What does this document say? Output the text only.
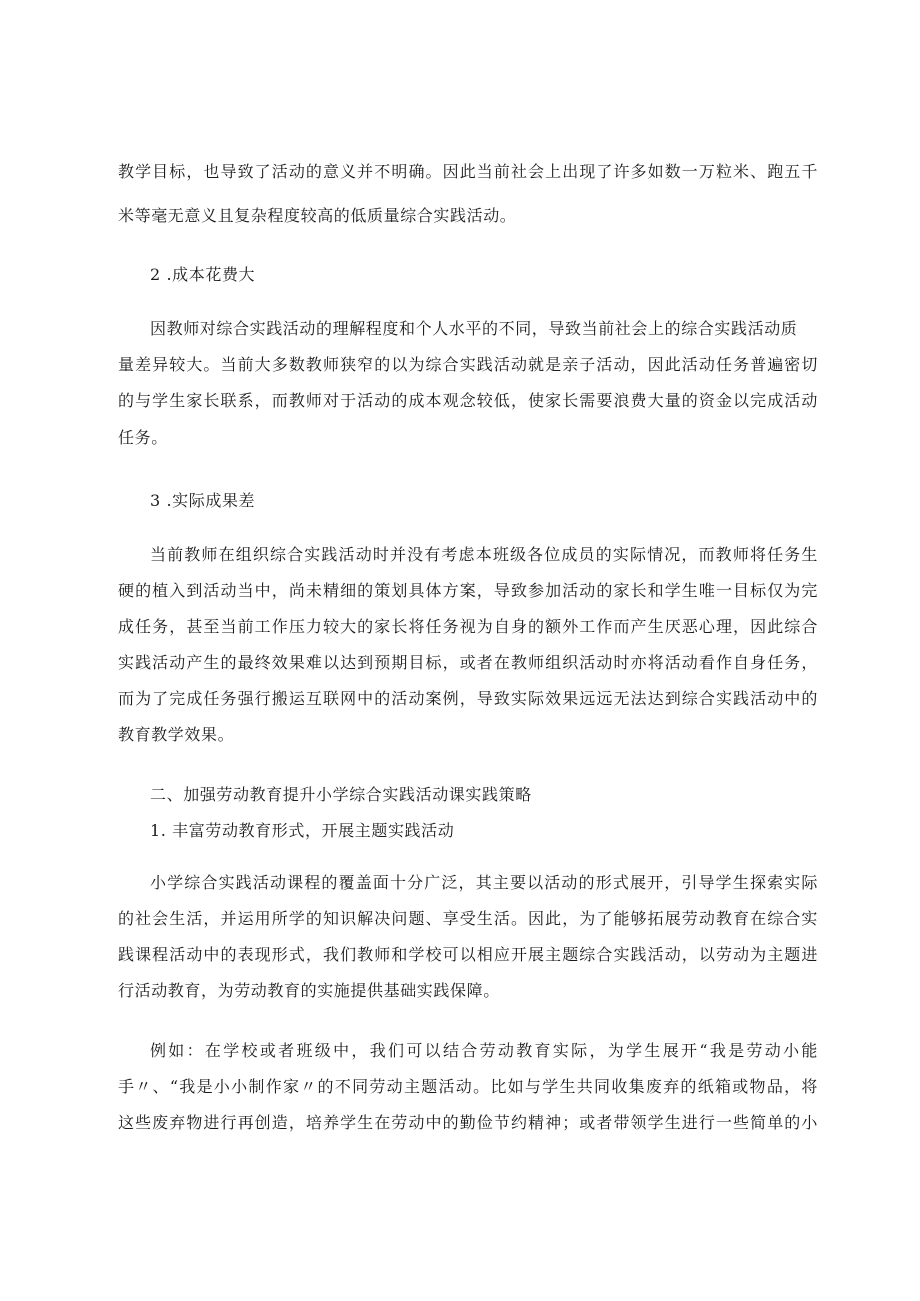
教学目标，也导致了活动的意义并不明确。因此当前社会上出现了许多如数一万粒米、跑五千
米等毫无意义且复杂程度较高的低质量综合实践活动。
2 .成本花费大
因教师对综合实践活动的理解程度和个人水平的不同，导致当前社会上的综合实践活动质
量差异较大。当前大多数教师狭窄的以为综合实践活动就是亲子活动，因此活动任务普遍密切
的与学生家长联系，而教师对于活动的成本观念较低，使家长需要浪费大量的资金以完成活动
任务。
3 .实际成果差
当前教师在组织综合实践活动时并没有考虑本班级各位成员的实际情况，而教师将任务生
硬的植入到活动当中，尚未精细的策划具体方案，导致参加活动的家长和学生唯一目标仅为完
成任务，甚至当前工作压力较大的家长将任务视为自身的额外工作而产生厌恶心理，因此综合
实践活动产生的最终效果难以达到预期目标，或者在教师组织活动时亦将活动看作自身任务，
而为了完成任务强行搬运互联网中的活动案例，导致实际效果远远无法达到综合实践活动中的
教育教学效果。
二、加强劳动教育提升小学综合实践活动课实践策略
1. 丰富劳动教育形式，开展主题实践活动
小学综合实践活动课程的覆盖面十分广泛，其主要以活动的形式展开，引导学生探索实际
的社会生活，并运用所学的知识解决问题、享受生活。因此，为了能够拓展劳动教育在综合实
践课程活动中的表现形式，我们教师和学校可以相应开展主题综合实践活动，以劳动为主题进
行活动教育，为劳动教育的实施提供基础实践保障。
例如：在学校或者班级中，我们可以结合劳动教育实际，为学生展开“我是劳动小能
手〃、“我是小小制作家〃的不同劳动主题活动。比如与学生共同收集废弃的纸箱或物品，将
这些废弃物进行再创造，培养学生在劳动中的勤俭节约精神；或者带领学生进行一些简单的小
